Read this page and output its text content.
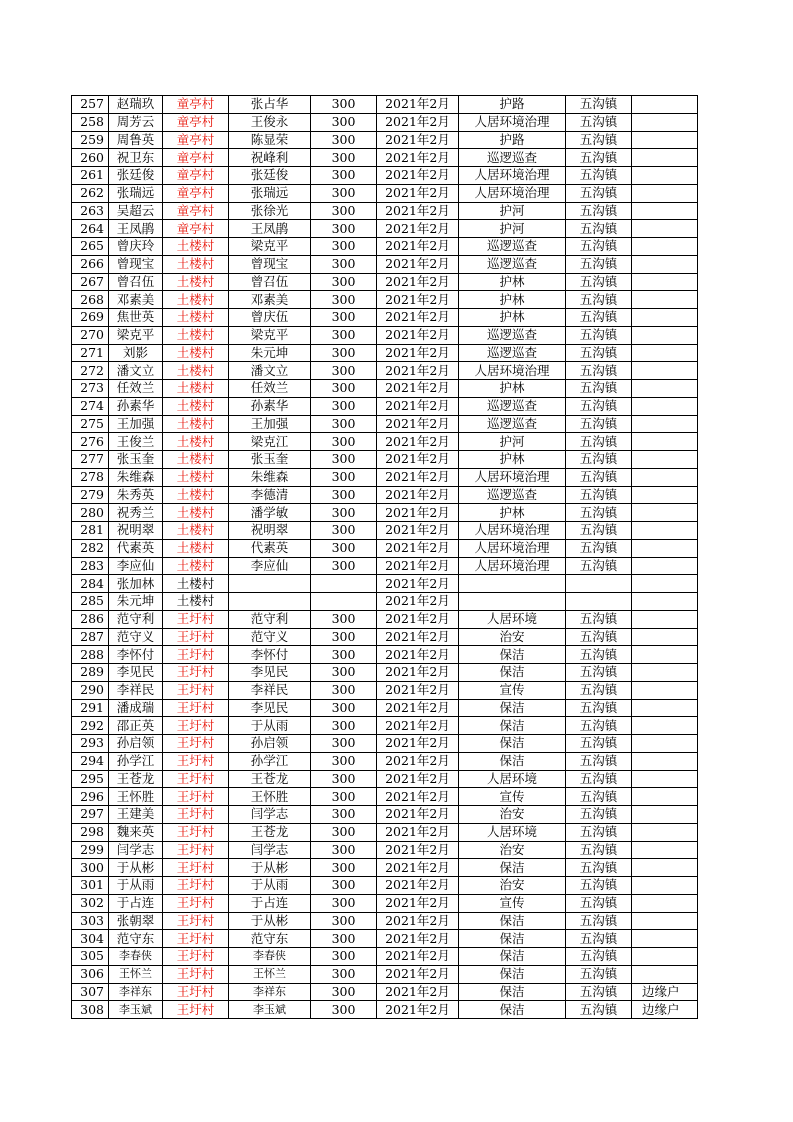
257	赵瑞玖	童亭村	张占华	300	2021年2月	护路	五沟镇	
258	周芳云	童亭村	王俊永	300	2021年2月	人居环境治理	五沟镇	
259	周鲁英	童亭村	陈显荣	300	2021年2月	护路	五沟镇	
260	祝卫东	童亭村	祝峰利	300	2021年2月	巡逻巡查	五沟镇	
261	张廷俊	童亭村	张廷俊	300	2021年2月	人居环境治理	五沟镇	
262	张瑞远	童亭村	张瑞远	300	2021年2月	人居环境治理	五沟镇	
263	吴超云	童亭村	张徐光	300	2021年2月	护河	五沟镇	
264	王凤鹃	童亭村	王凤鹃	300	2021年2月	护河	五沟镇	
265	曾庆玲	土楼村	梁克平	300	2021年2月	巡逻巡查	五沟镇	
266	曾现宝	土楼村	曾现宝	300	2021年2月	巡逻巡查	五沟镇	
267	曾召伍	土楼村	曾召伍	300	2021年2月	护林	五沟镇	
268	邓素美	土楼村	邓素美	300	2021年2月	护林	五沟镇	
269	焦世英	土楼村	曾庆伍	300	2021年2月	护林	五沟镇	
270	梁克平	土楼村	梁克平	300	2021年2月	巡逻巡查	五沟镇	
271	刘影	土楼村	朱元坤	300	2021年2月	巡逻巡查	五沟镇	
272	潘文立	土楼村	潘文立	300	2021年2月	人居环境治理	五沟镇	
273	任效兰	土楼村	任效兰	300	2021年2月	护林	五沟镇	
274	孙素华	土楼村	孙素华	300	2021年2月	巡逻巡查	五沟镇	
275	王加强	土楼村	王加强	300	2021年2月	巡逻巡查	五沟镇	
276	王俊兰	土楼村	梁克江	300	2021年2月	护河	五沟镇	
277	张玉奎	土楼村	张玉奎	300	2021年2月	护林	五沟镇	
278	朱维森	土楼村	朱维森	300	2021年2月	人居环境治理	五沟镇	
279	朱秀英	土楼村	李德清	300	2021年2月	巡逻巡查	五沟镇	
280	祝秀兰	土楼村	潘学敏	300	2021年2月	护林	五沟镇	
281	祝明翠	土楼村	祝明翠	300	2021年2月	人居环境治理	五沟镇	
282	代素英	土楼村	代素英	300	2021年2月	人居环境治理	五沟镇	
283	李应仙	土楼村	李应仙	300	2021年2月	人居环境治理	五沟镇	
284	张加林	土楼村			2021年2月			
285	朱元坤	土楼村			2021年2月			
286	范守利	王圩村	范守利	300	2021年2月	人居环境	五沟镇	
287	范守义	王圩村	范守义	300	2021年2月	治安	五沟镇	
288	李怀付	王圩村	李怀付	300	2021年2月	保洁	五沟镇	
289	李见民	王圩村	李见民	300	2021年2月	保洁	五沟镇	
290	李祥民	王圩村	李祥民	300	2021年2月	宣传	五沟镇	
291	潘成瑞	王圩村	李见民	300	2021年2月	保洁	五沟镇	
292	邵正英	王圩村	于从雨	300	2021年2月	保洁	五沟镇	
293	孙启领	王圩村	孙启领	300	2021年2月	保洁	五沟镇	
294	孙学江	王圩村	孙学江	300	2021年2月	保洁	五沟镇	
295	王苍龙	王圩村	王苍龙	300	2021年2月	人居环境	五沟镇	
296	王怀胜	王圩村	王怀胜	300	2021年2月	宣传	五沟镇	
297	王建美	王圩村	闫学志	300	2021年2月	治安	五沟镇	
298	魏来英	王圩村	王苍龙	300	2021年2月	人居环境	五沟镇	
299	闫学志	王圩村	闫学志	300	2021年2月	治安	五沟镇	
300	于从彬	王圩村	于从彬	300	2021年2月	保洁	五沟镇	
301	于从雨	王圩村	于从雨	300	2021年2月	治安	五沟镇	
302	于占连	王圩村	于占连	300	2021年2月	宣传	五沟镇	
303	张朝翠	王圩村	于从彬	300	2021年2月	保洁	五沟镇	
304	范守东	王圩村	范守东	300	2021年2月	保洁	五沟镇	
305	李春侠	王圩村	李春侠	300	2021年2月	保洁	五沟镇	
306	王怀兰	王圩村	王怀兰	300	2021年2月	保洁	五沟镇	
307	李祥东	王圩村	李祥东	300	2021年2月	保洁	五沟镇	边缘户
308	李玉斌	王圩村	李玉斌	300	2021年2月	保洁	五沟镇	边缘户
